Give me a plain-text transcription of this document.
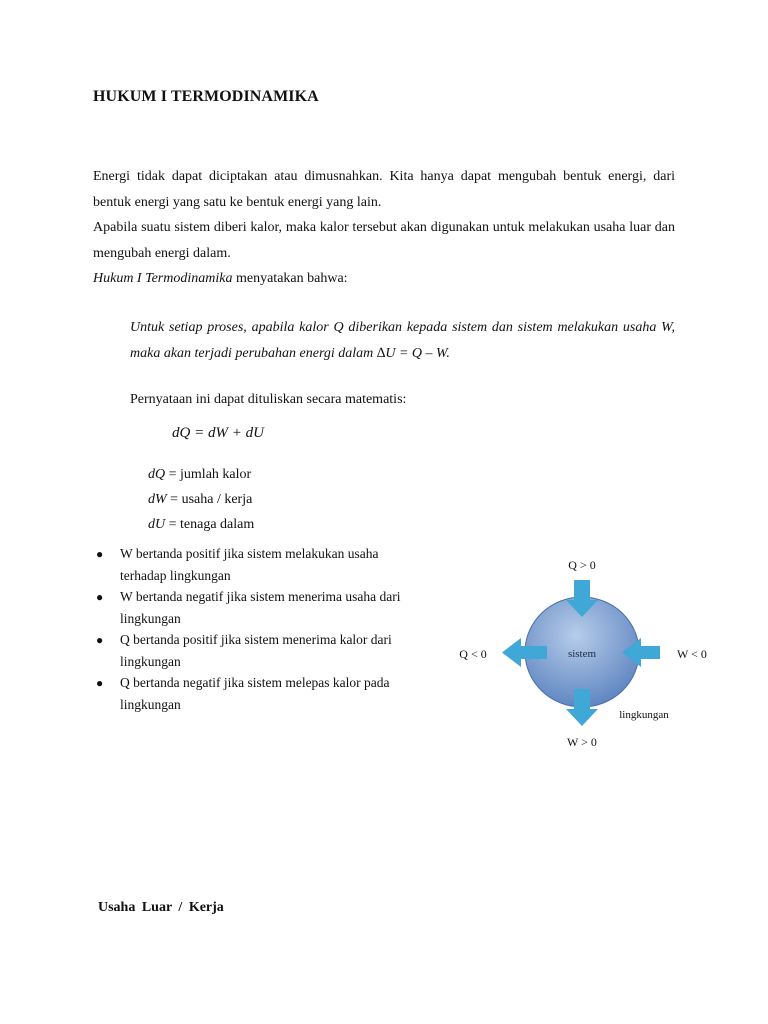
HUKUM I TERMODINAMIKA
Energi tidak dapat diciptakan atau dimusnahkan. Kita hanya dapat mengubah bentuk energi, dari bentuk energi yang satu ke bentuk energi yang lain.
Apabila suatu sistem diberi kalor, maka kalor tersebut akan digunakan untuk melakukan usaha luar dan mengubah energi dalam.
Hukum I Termodinamika menyatakan bahwa:
Untuk setiap proses, apabila kalor Q diberikan kepada sistem dan sistem melakukan usaha W, maka akan terjadi perubahan energi dalam ∆U = Q – W.
Pernyataan ini dapat dituliskan secara matematis:
dQ = dW + dU
dQ = jumlah kalor
dW = usaha / kerja
dU = tenaga dalam
● W bertanda positif jika sistem melakukan usaha
terhadap lingkungan
● W bertanda negatif jika sistem menerima usaha dari
lingkungan
● Q bertanda positif jika sistem menerima kalor dari
lingkungan
● Q bertanda negatif jika sistem melepas kalor pada
lingkungan
sistem
Q > 0
Q < 0	W < 0
W > 0
lingkungan
Usaha Luar / Kerja
